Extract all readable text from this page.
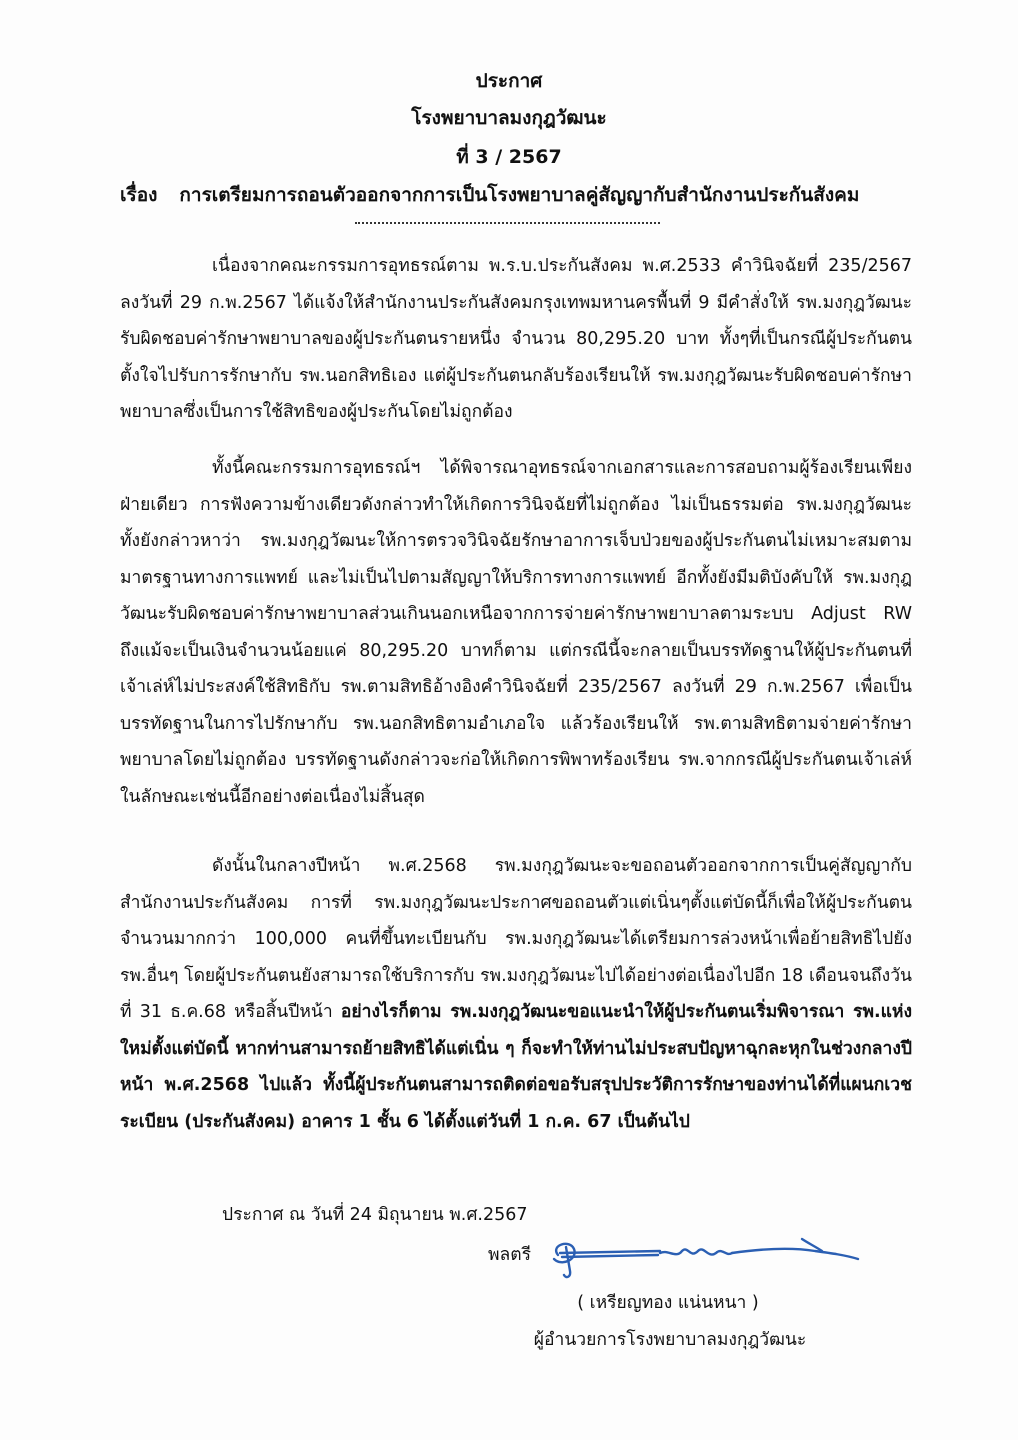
ประกาศ
โรงพยาบาลมงกุฎวัฒนะ
ที่ 3 / 2567
เรื่อง การเตรียมการถอนตัวออกจากการเป็นโรงพยาบาลคู่สัญญากับสำนักงานประกันสังคม

เนื่องจากคณะกรรมการอุทธรณ์ตาม พ.ร.บ.ประกันสังคม พ.ศ.2533 คำวินิจฉัยที่ 235/2567 ลงวันที่ 29 ก.พ.2567 ได้แจ้งให้สำนักงานประกันสังคมกรุงเทพมหานครพื้นที่ 9 มีคำสั่งให้ รพ.มงกุฎวัฒนะรับผิดชอบค่ารักษาพยาบาลของผู้ประกันตนรายหนึ่ง จำนวน 80,295.20 บาท ทั้งๆที่เป็นกรณีผู้ประกันตนตั้งใจไปรับการรักษากับ รพ.นอกสิทธิเอง แต่ผู้ประกันตนกลับร้องเรียนให้ รพ.มงกุฎวัฒนะรับผิดชอบค่ารักษาพยาบาลซึ่งเป็นการใช้สิทธิของผู้ประกันโดยไม่ถูกต้อง

ทั้งนี้คณะกรรมการอุทธรณ์ฯ ได้พิจารณาอุทธรณ์จากเอกสารและการสอบถามผู้ร้องเรียนเพียงฝ่ายเดียว การฟังความข้างเดียวดังกล่าวทำให้เกิดการวินิจฉัยที่ไม่ถูกต้อง ไม่เป็นธรรมต่อ รพ.มงกุฎวัฒนะ ทั้งยังกล่าวหาว่า รพ.มงกุฎวัฒนะให้การตรวจวินิจฉัยรักษาอาการเจ็บป่วยของผู้ประกันตนไม่เหมาะสมตามมาตรฐานทางการแพทย์ และไม่เป็นไปตามสัญญาให้บริการทางการแพทย์ อีกทั้งยังมีมติบังคับให้ รพ.มงกุฎวัฒนะรับผิดชอบค่ารักษาพยาบาลส่วนเกินนอกเหนือจากการจ่ายค่ารักษาพยาบาลตามระบบ Adjust RW ถึงแม้จะเป็นเงินจำนวนน้อยแค่ 80,295.20 บาทก็ตาม แต่กรณีนี้จะกลายเป็นบรรทัดฐานให้ผู้ประกันตนที่เจ้าเล่ห์ไม่ประสงค์ใช้สิทธิกับ รพ.ตามสิทธิอ้างอิงคำวินิจฉัยที่ 235/2567 ลงวันที่ 29 ก.พ.2567 เพื่อเป็นบรรทัดฐานในการไปรักษากับ รพ.นอกสิทธิตามอำเภอใจ แล้วร้องเรียนให้ รพ.ตามสิทธิตามจ่ายค่ารักษาพยาบาลโดยไม่ถูกต้อง บรรทัดฐานดังกล่าวจะก่อให้เกิดการพิพาทร้องเรียน รพ.จากกรณีผู้ประกันตนเจ้าเล่ห์ในลักษณะเช่นนี้อีกอย่างต่อเนื่องไม่สิ้นสุด

ดังนั้นในกลางปีหน้า พ.ศ.2568 รพ.มงกุฎวัฒนะจะขอถอนตัวออกจากการเป็นคู่สัญญากับสำนักงานประกันสังคม การที่ รพ.มงกุฎวัฒนะประกาศขอถอนตัวแต่เนิ่นๆตั้งแต่บัดนี้ก็เพื่อให้ผู้ประกันตนจำนวนมากกว่า 100,000 คนที่ขึ้นทะเบียนกับ รพ.มงกุฎวัฒนะได้เตรียมการล่วงหน้าเพื่อย้ายสิทธิไปยัง รพ.อื่นๆ โดยผู้ประกันตนยังสามารถใช้บริการกับ รพ.มงกุฎวัฒนะไปได้อย่างต่อเนื่องไปอีก 18 เดือนจนถึงวันที่ 31 ธ.ค.68 หรือสิ้นปีหน้า อย่างไรก็ตาม รพ.มงกุฎวัฒนะขอแนะนำให้ผู้ประกันตนเริ่มพิจารณา รพ.แห่งใหม่ตั้งแต่บัดนี้ หากท่านสามารถย้ายสิทธิได้แต่เนิ่น ๆ ก็จะทำให้ท่านไม่ประสบปัญหาฉุกละหุกในช่วงกลางปีหน้า พ.ศ.2568 ไปแล้ว ทั้งนี้ผู้ประกันตนสามารถติดต่อขอรับสรุปประวัติการรักษาของท่านได้ที่แผนกเวชระเบียน (ประกันสังคม) อาคาร 1 ชั้น 6 ได้ตั้งแต่วันที่ 1 ก.ค. 67 เป็นต้นไป

ประกาศ ณ วันที่ 24 มิถุนายน พ.ศ.2567
พลตรี
( เหรียญทอง แน่นหนา )
ผู้อำนวยการโรงพยาบาลมงกุฎวัฒนะ
